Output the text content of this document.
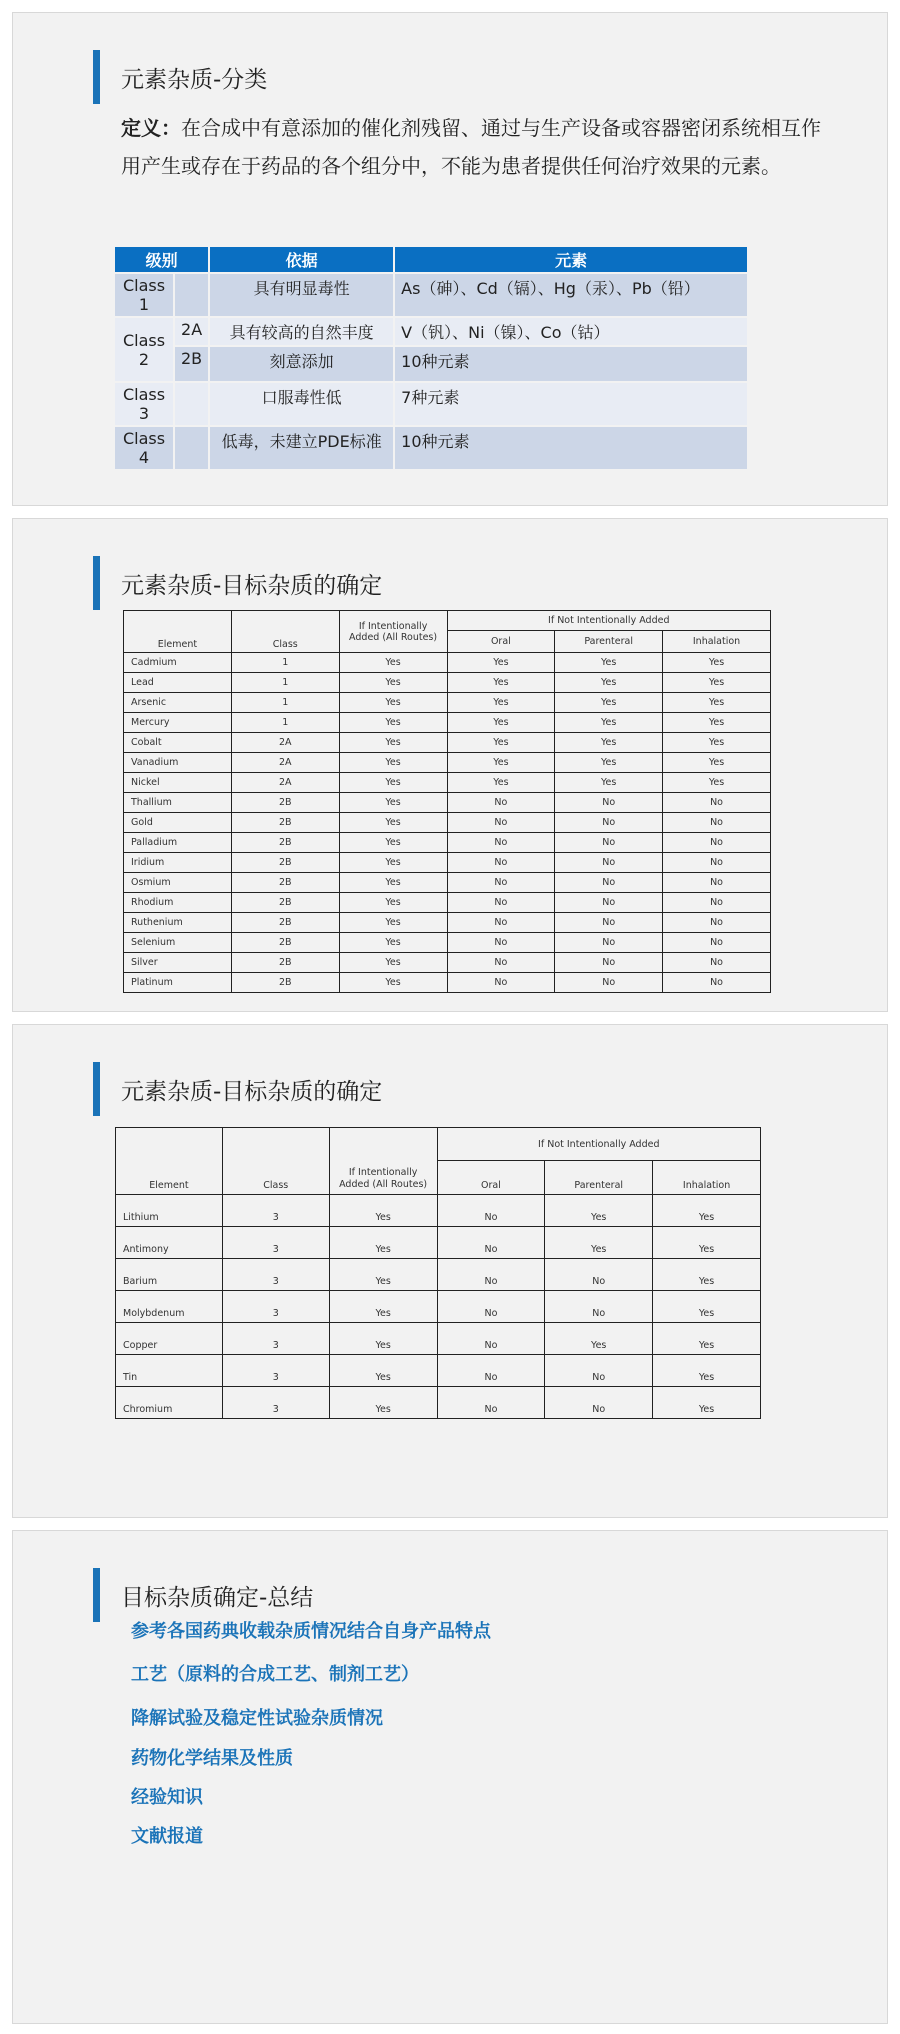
元素杂质-分类
定义：在合成中有意添加的催化剂残留、通过与生产设备或容器密闭系统相互作用产生或存在于药品的各个组分中，不能为患者提供任何治疗效果的元素。
级别		依据	元素
Class 1		具有明显毒性	As（砷）、Cd（镉）、Hg（汞）、Pb（铅）
Class 2	2A	具有较高的自然丰度	V（钒）、Ni（镍）、Co（钴）
	2B	刻意添加	10种元素
Class 3		口服毒性低	7种元素
Class 4		低毒，未建立PDE标准	10种元素
元素杂质-目标杂质的确定
Element	Class	If Intentionally Added (All Routes)	If Not Intentionally Added		
			Oral	Parenteral	Inhalation
Cadmium	1	Yes	Yes	Yes	Yes
Lead	1	Yes	Yes	Yes	Yes
Arsenic	1	Yes	Yes	Yes	Yes
Mercury	1	Yes	Yes	Yes	Yes
Cobalt	2A	Yes	Yes	Yes	Yes
Vanadium	2A	Yes	Yes	Yes	Yes
Nickel	2A	Yes	Yes	Yes	Yes
Thallium	2B	Yes	No	No	No
Gold	2B	Yes	No	No	No
Palladium	2B	Yes	No	No	No
Iridium	2B	Yes	No	No	No
Osmium	2B	Yes	No	No	No
Rhodium	2B	Yes	No	No	No
Ruthenium	2B	Yes	No	No	No
Selenium	2B	Yes	No	No	No
Silver	2B	Yes	No	No	No
Platinum	2B	Yes	No	No	No
元素杂质-目标杂质的确定
Element	Class	If Intentionally Added (All Routes)	If Not Intentionally Added		
			Oral	Parenteral	Inhalation
Lithium	3	Yes	No	Yes	Yes
Antimony	3	Yes	No	Yes	Yes
Barium	3	Yes	No	No	Yes
Molybdenum	3	Yes	No	No	Yes
Copper	3	Yes	No	Yes	Yes
Tin	3	Yes	No	No	Yes
Chromium	3	Yes	No	No	Yes
目标杂质确定-总结
参考各国药典收载杂质情况结合自身产品特点
工艺（原料的合成工艺、制剂工艺）
降解试验及稳定性试验杂质情况
药物化学结果及性质
经验知识
文献报道
